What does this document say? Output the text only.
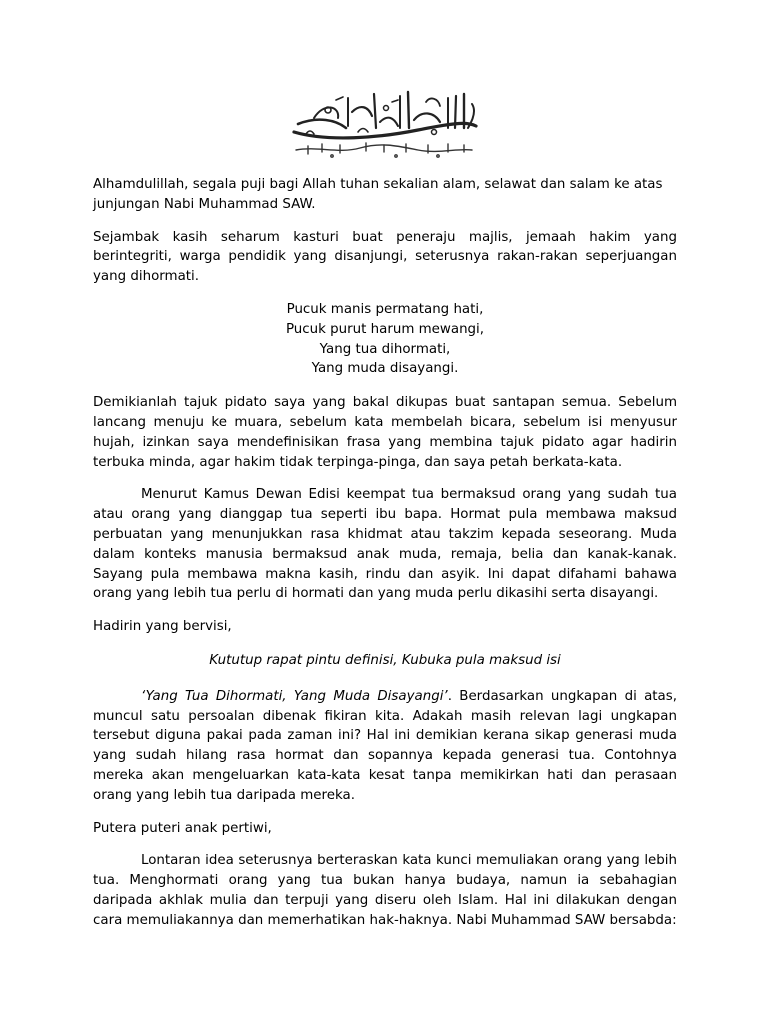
Alhamdulillah, segala puji bagi Allah tuhan sekalian alam, selawat dan salam ke atas junjungan Nabi Muhammad SAW.

Sejambak kasih seharum kasturi buat peneraju majlis, jemaah hakim yang berintegriti, warga pendidik yang disanjungi, seterusnya rakan-rakan seperjuangan yang dihormati.

Pucuk manis permatang hati,
Pucuk purut harum mewangi,
Yang tua dihormati,
Yang muda disayangi.

Demikianlah tajuk pidato saya yang bakal dikupas buat santapan semua. Sebelum lancang menuju ke muara, sebelum kata membelah bicara, sebelum isi menyusur hujah, izinkan saya mendefinisikan frasa yang membina tajuk pidato agar hadirin terbuka minda, agar hakim tidak terpinga-pinga, dan saya petah berkata-kata.

Menurut Kamus Dewan Edisi keempat tua bermaksud orang yang sudah tua atau orang yang dianggap tua seperti ibu bapa. Hormat pula membawa maksud perbuatan yang menunjukkan rasa khidmat atau takzim kepada seseorang. Muda dalam konteks manusia bermaksud anak muda, remaja, belia dan kanak-kanak. Sayang pula membawa makna kasih, rindu dan asyik. Ini dapat difahami bahawa orang yang lebih tua perlu di hormati dan yang muda perlu dikasihi serta disayangi.

Hadirin yang bervisi,

Kututup rapat pintu definisi, Kubuka pula maksud isi

‘Yang Tua Dihormati, Yang Muda Disayangi’. Berdasarkan ungkapan di atas, muncul satu persoalan dibenak fikiran kita. Adakah masih relevan lagi ungkapan tersebut diguna pakai pada zaman ini? Hal ini demikian kerana sikap generasi muda yang sudah hilang rasa hormat dan sopannya kepada generasi tua. Contohnya mereka akan mengeluarkan kata-kata kesat tanpa memikirkan hati dan perasaan orang yang lebih tua daripada mereka.

Putera puteri anak pertiwi,

Lontaran idea seterusnya berteraskan kata kunci memuliakan orang yang lebih tua. Menghormati orang yang tua bukan hanya budaya, namun ia sebahagian daripada akhlak mulia dan terpuji yang diseru oleh Islam. Hal ini dilakukan dengan cara memuliakannya dan memerhatikan hak-haknya. Nabi Muhammad SAW bersabda:
